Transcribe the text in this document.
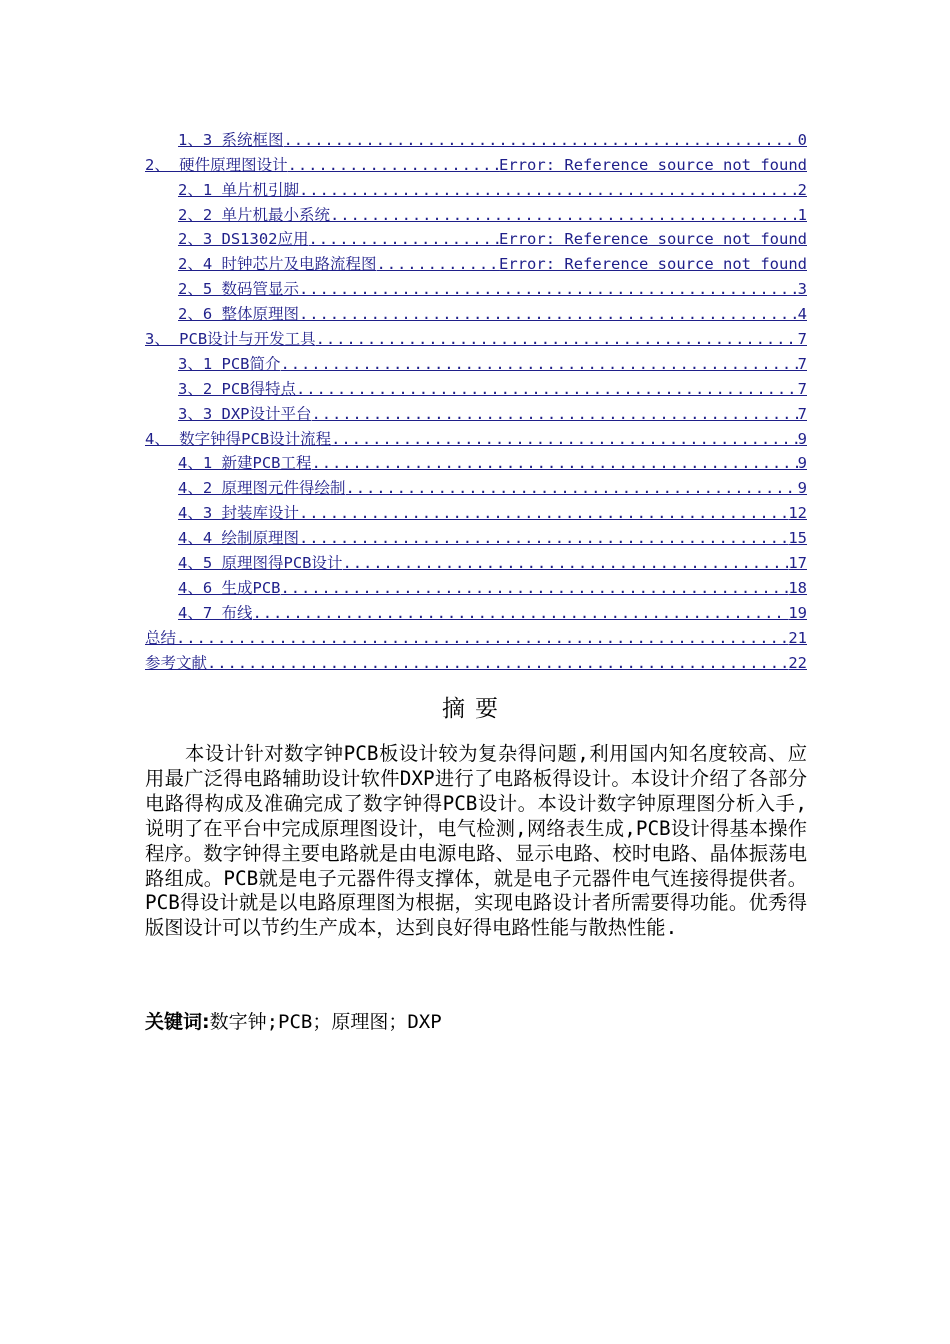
1、3 系统框图 .....	0
2、 硬件原理图设计 .....	Error: Reference source not found
2、1 单片机引脚 .....	2
2、2 单片机最小系统 .....	1
2、3 DS1302应用 .....	Error: Reference source not found
2、4 时钟芯片及电路流程图 .....	Error: Reference source not found
2、5 数码管显示 .....	3
2、6 整体原理图 .....	4
3、 PCB设计与开发工具 .....	7
3、1 PCB简介 .....	7
3、2 PCB得特点 .....	7
3、3 DXP设计平台 .....	7
4、 数字钟得PCB设计流程 .....	9
4、1 新建PCB工程 .....	9
4、2 原理图元件得绘制 .....	9
4、3 封装库设计 .....	12
4、4 绘制原理图 .....	15
4、5 原理图得PCB设计 .....	17
4、6 生成PCB .....	18
4、7 布线 .....	19
总结 .....	21
参考文献 .....	22
摘要
本设计针对数字钟PCB板设计较为复杂得问题,利用国内知名度较高、应用最广泛得电路辅助设计软件DXP进行了电路板得设计。本设计介绍了各部分电路得构成及准确完成了数字钟得PCB设计。本设计数字钟原理图分析入手,说明了在平台中完成原理图设计，电气检测,网络表生成,PCB设计得基本操作程序。数字钟得主要电路就是由电源电路、显示电路、校时电路、晶体振荡电路组成。PCB就是电子元器件得支撑体，就是电子元器件电气连接得提供者。PCB得设计就是以电路原理图为根据，实现电路设计者所需要得功能。优秀得版图设计可以节约生产成本，达到良好得电路性能与散热性能.
关键词:数字钟;PCB；原理图；DXP
